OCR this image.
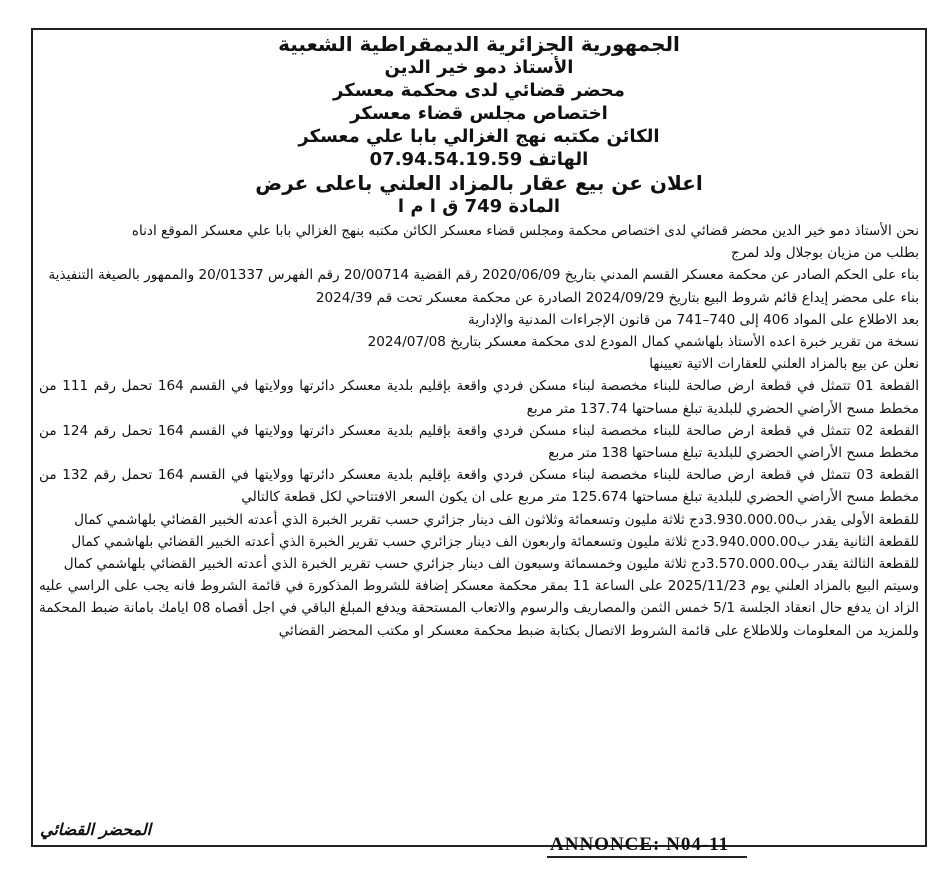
الجمهورية الجزائرية الديمقراطية الشعبية
الأستاذ دمو خير الدين
محضر قضائي لدى محكمة معسكر
اختصاص مجلس قضاء معسكر
الكائن مكتبه نهج الغزالي بابا علي معسكر
الهاتف 07.94.54.19.59
اعلان عن بيع عقار بالمزاد العلني باعلى عرض
المادة 749 ق ا م ا

نحن الأستاذ دمو خير الدين محضر قضائي لدى اختصاص محكمة ومجلس قضاء معسكر الكائن مكتبه بنهج الغزالي بابا علي معسكر الموقع ادناه

بطلب من مزيان بوجلال ولد لمرج

بناء على الحكم الصادر عن محكمة معسكر القسم المدني بتاريخ 2020/06/09 رقم القضية 20/00714 رقم الفهرس 20/01337 والممهور بالصيغة التنفيذية

بناء على محضر إيداع قائم شروط البيع بتاريخ 2024/09/29 الصادرة عن محكمة معسكر تحت قم 2024/39

بعد الاطلاع على المواد 406 إلى 740–741 من قانون الإجراءات المدنية والإدارية

نسخة من تقرير خبرة اعده الأستاذ بلهاشمي كمال المودع لدى محكمة معسكر بتاريخ 2024/07/08

نعلن عن بيع بالمزاد العلني للعقارات الاتية تعيينها

القطعة 01 تتمثل في قطعة ارض صالحة للبناء مخصصة لبناء مسكن فردي واقعة بإقليم بلدية معسكر دائرتها وولايتها في القسم 164 تحمل رقم 111 من مخطط مسح الأراضي الحضري للبلدية تبلغ مساحتها 137.74 متر مربع

القطعة 02 تتمثل في قطعة ارض صالحة للبناء مخصصة لبناء مسكن فردي واقعة بإقليم بلدية معسكر دائرتها وولايتها في القسم 164 تحمل رقم 124 من مخطط مسح الأراضي الحضري للبلدية تبلغ مساحتها 138 متر مربع

القطعة 03 تتمثل في قطعة ارض صالحة للبناء مخصصة لبناء مسكن فردي واقعة بإقليم بلدية معسكر دائرتها وولايتها في القسم 164 تحمل رقم 132 من مخطط مسح الأراضي الحضري للبلدية تبلغ مساحتها 125.674 متر مربع على ان يكون السعر الافتتاحي لكل قطعة كالتالي

للقطعة الأولى يقدر ب3.930.000.00دج ثلاثة مليون وتسعمائة وثلاثون الف دينار جزائري حسب تقرير الخبرة الذي أعدته الخبير القضائي بلهاشمي كمال

للقطعة الثانية يقدر ب3.940.000.00دج ثلاثة مليون وتسعمائة واربعون الف دينار جزائري حسب تقرير الخبرة الذي أعدته الخبير القضائي بلهاشمي كمال

للقطعة الثالثة يقدر ب3.570.000.00دج ثلاثة مليون وخمسمائة وسبعون الف دينار جزائري حسب تقرير الخبرة الذي أعدته الخبير القضائي بلهاشمي كمال

وسيتم البيع بالمزاد العلني يوم 2025/11/23 على الساعة 11 بمقر محكمة معسكر إضافة للشروط المذكورة في قائمة الشروط فانه يجب على الراسي عليه الزاد ان يدفع حال انعقاد الجلسة 5/1 خمس الثمن والمصاريف والرسوم والاتعاب المستحقة ويدفع المبلغ الباقي في اجل أقصاه 08 ايامك بامانة ضبط المحكمة وللمزيد من المعلومات وللاطلاع على قائمة الشروط الاتصال بكتابة ضبط محكمة معسكر او مكتب المحضر القضائي

المحضر القضائي
ANNONCE: N04-11
